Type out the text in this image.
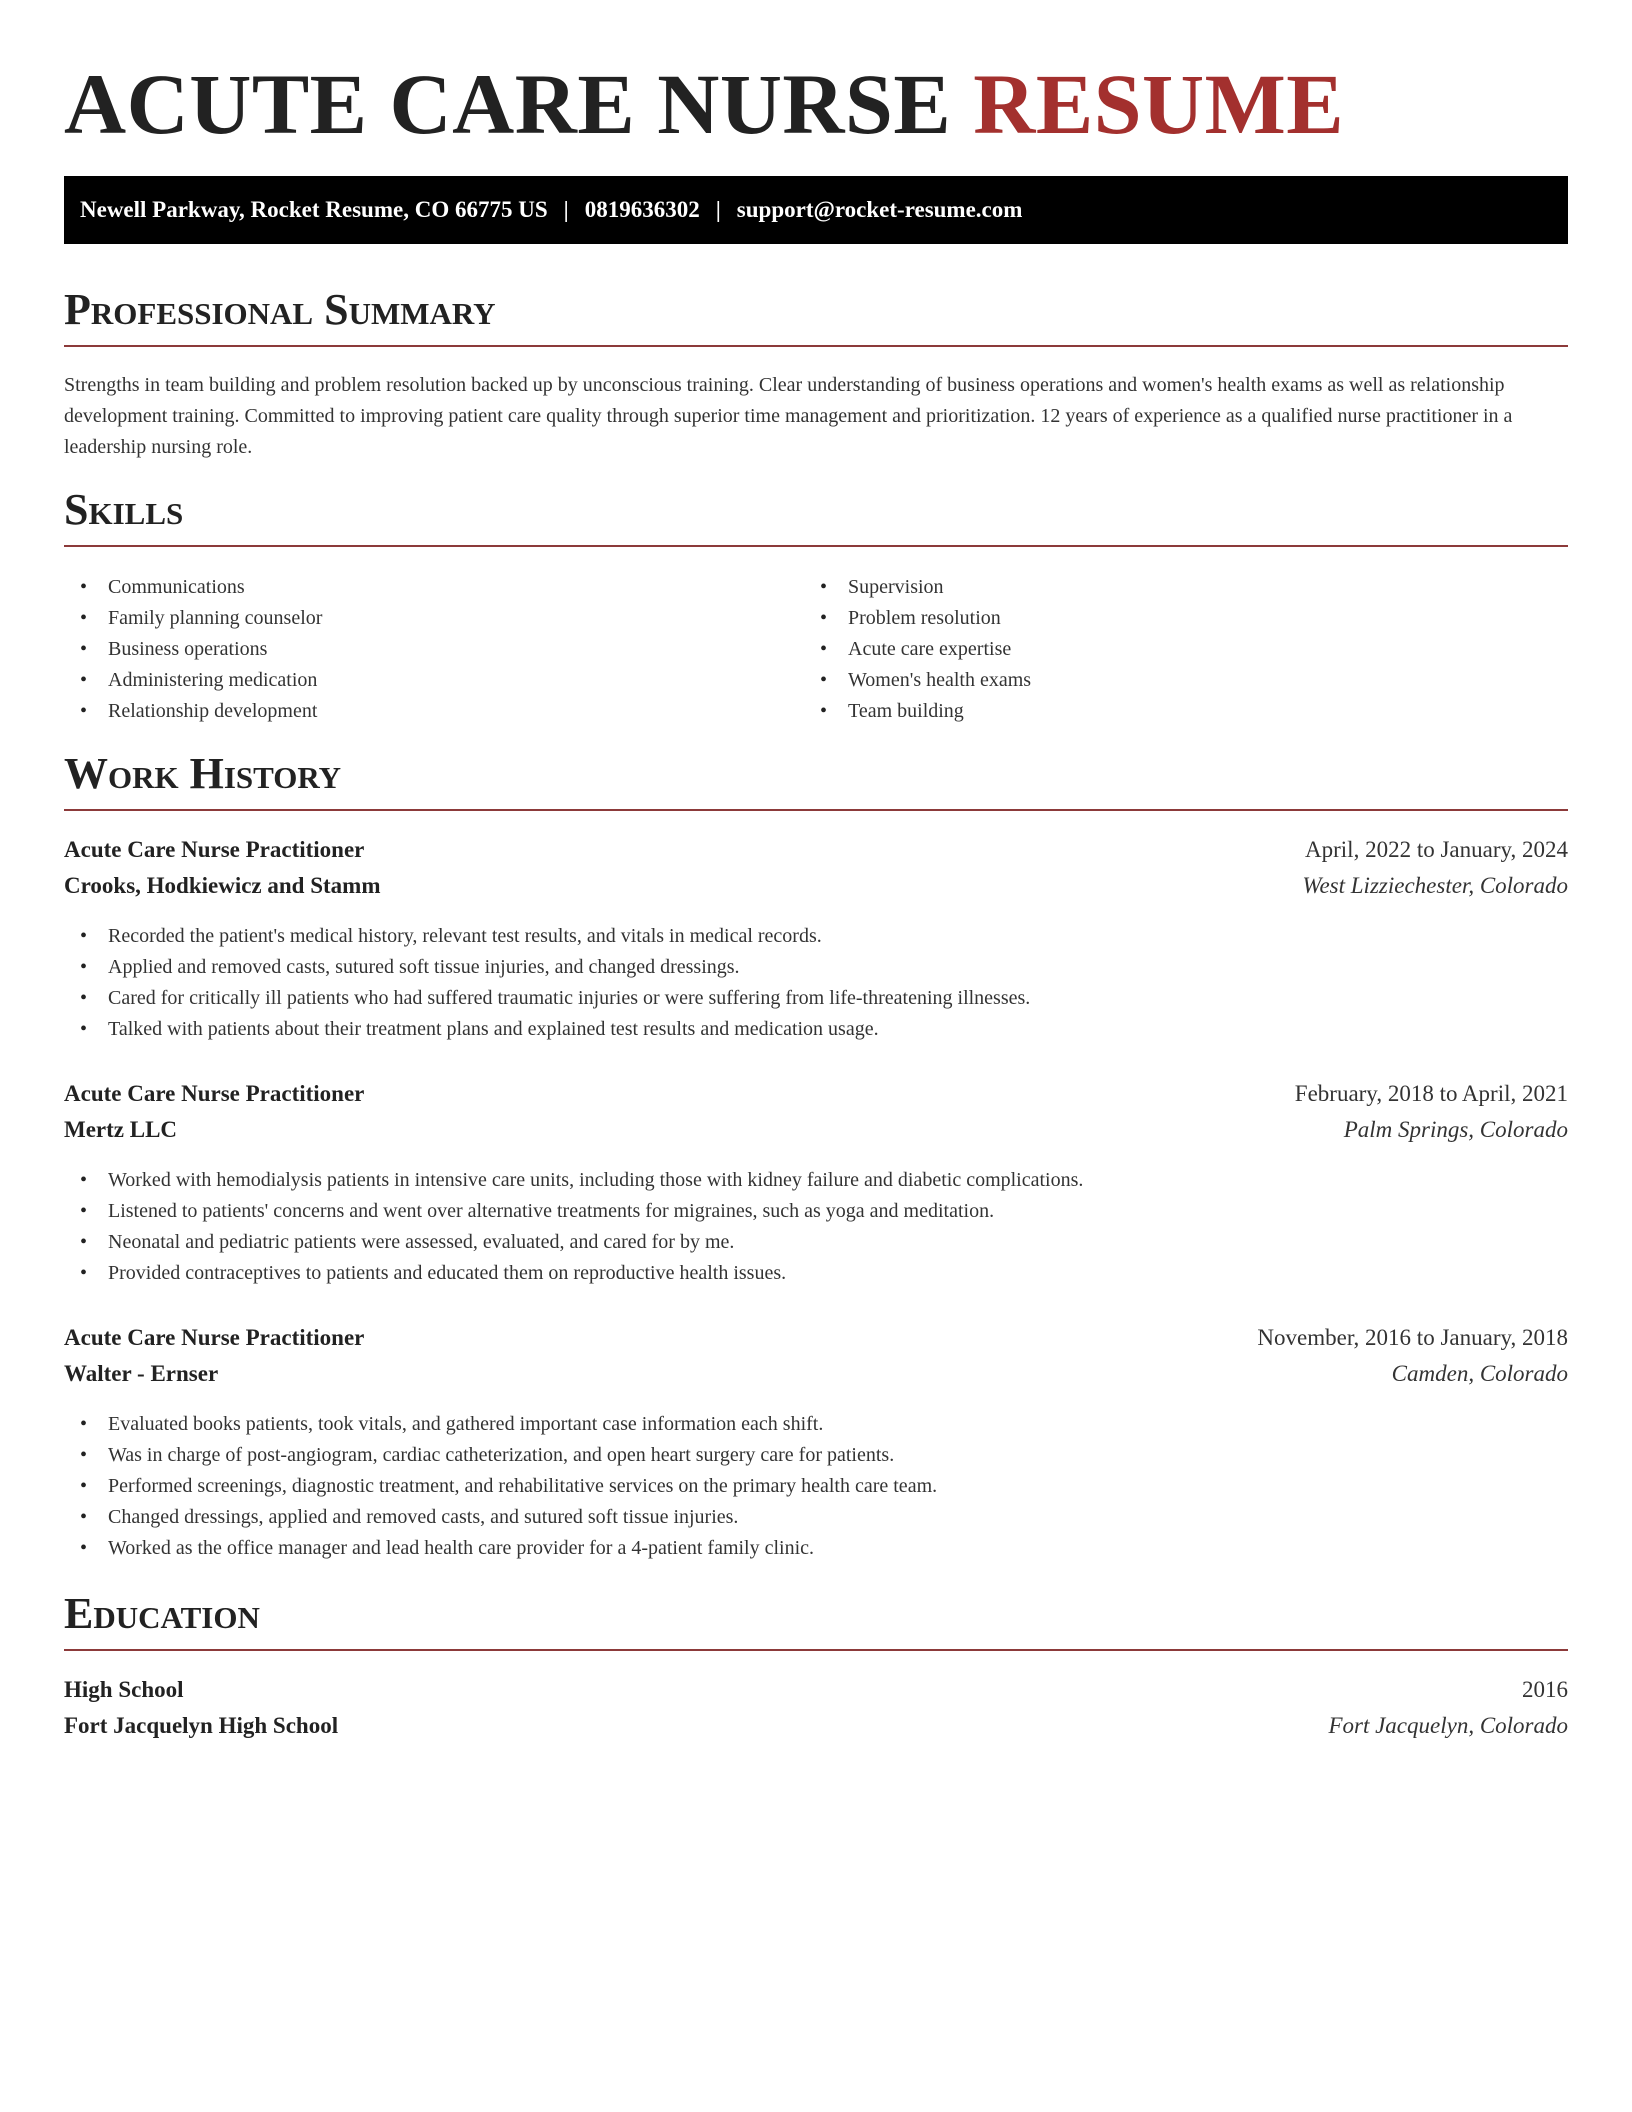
ACUTE CARE NURSE RESUME
Newell Parkway, Rocket Resume, CO 66775 US | 0819636302 | support@rocket-resume.com
Professional Summary

Strengths in team building and problem resolution backed up by unconscious training. Clear understanding of business operations and women's health exams as well as relationship development training. Committed to improving patient care quality through superior time management and prioritization. 12 years of experience as a qualified nurse practitioner in a leadership nursing role.

Skills
• Communications
• Family planning counselor
• Business operations
• Administering medication
• Relationship development
• Supervision
• Problem resolution
• Acute care expertise
• Women's health exams
• Team building
Work History
Acute Care Nurse Practitioner	April, 2022 to January, 2024
Crooks, Hodkiewicz and Stamm	West Lizziechester, Colorado
• Recorded the patient's medical history, relevant test results, and vitals in medical records.
• Applied and removed casts, sutured soft tissue injuries, and changed dressings.
• Cared for critically ill patients who had suffered traumatic injuries or were suffering from life-threatening illnesses.
• Talked with patients about their treatment plans and explained test results and medication usage.
Acute Care Nurse Practitioner	February, 2018 to April, 2021
Mertz LLC	Palm Springs, Colorado
• Worked with hemodialysis patients in intensive care units, including those with kidney failure and diabetic complications.
• Listened to patients' concerns and went over alternative treatments for migraines, such as yoga and meditation.
• Neonatal and pediatric patients were assessed, evaluated, and cared for by me.
• Provided contraceptives to patients and educated them on reproductive health issues.
Acute Care Nurse Practitioner	November, 2016 to January, 2018
Walter - Ernser	Camden, Colorado
• Evaluated books patients, took vitals, and gathered important case information each shift.
• Was in charge of post-angiogram, cardiac catheterization, and open heart surgery care for patients.
• Performed screenings, diagnostic treatment, and rehabilitative services on the primary health care team.
• Changed dressings, applied and removed casts, and sutured soft tissue injuries.
• Worked as the office manager and lead health care provider for a 4-patient family clinic.
Education
High School	2016
Fort Jacquelyn High School	Fort Jacquelyn, Colorado
